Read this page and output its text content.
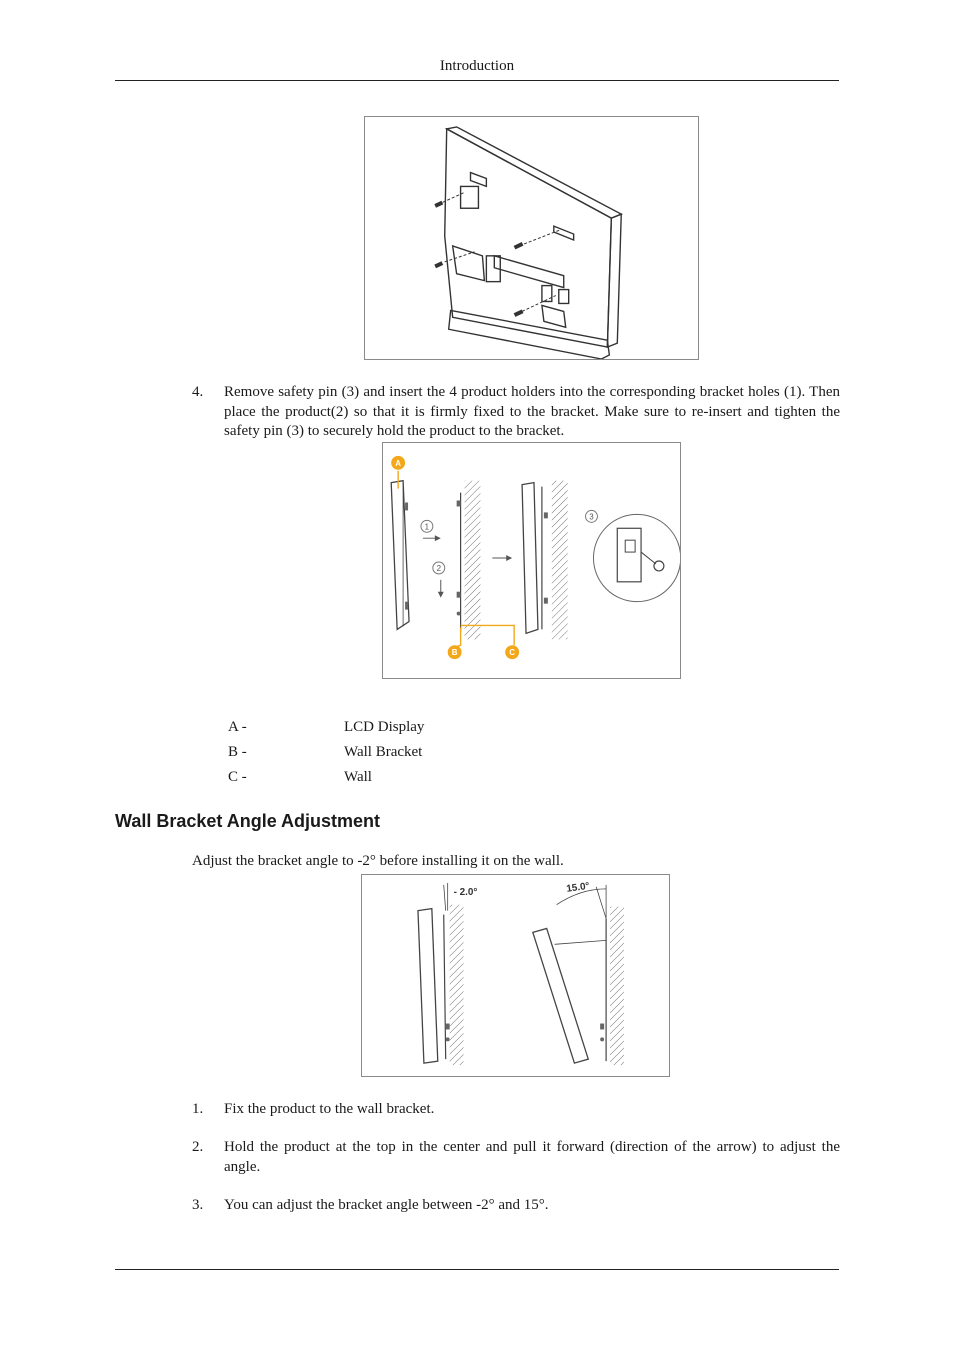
Introduction
4. Remove safety pin (3) and insert the 4 product holders into the corresponding bracket holes (1). Then place the product(2) so that it is firmly fixed to the bracket. Make sure to re-insert and tighten the safety pin (3) to securely hold the product to the bracket.
1
2
3
A
B	C
A -	LCD Display
B -	Wall Bracket
C -	Wall
Wall Bracket Angle Adjustment
Adjust the bracket angle to -2° before installing it on the wall.
- 2.0°	15.0°
1. Fix the product to the wall bracket.
2. Hold the product at the top in the center and pull it forward (direction of the arrow) to adjust the angle.
3. You can adjust the bracket angle between -2° and 15°.
